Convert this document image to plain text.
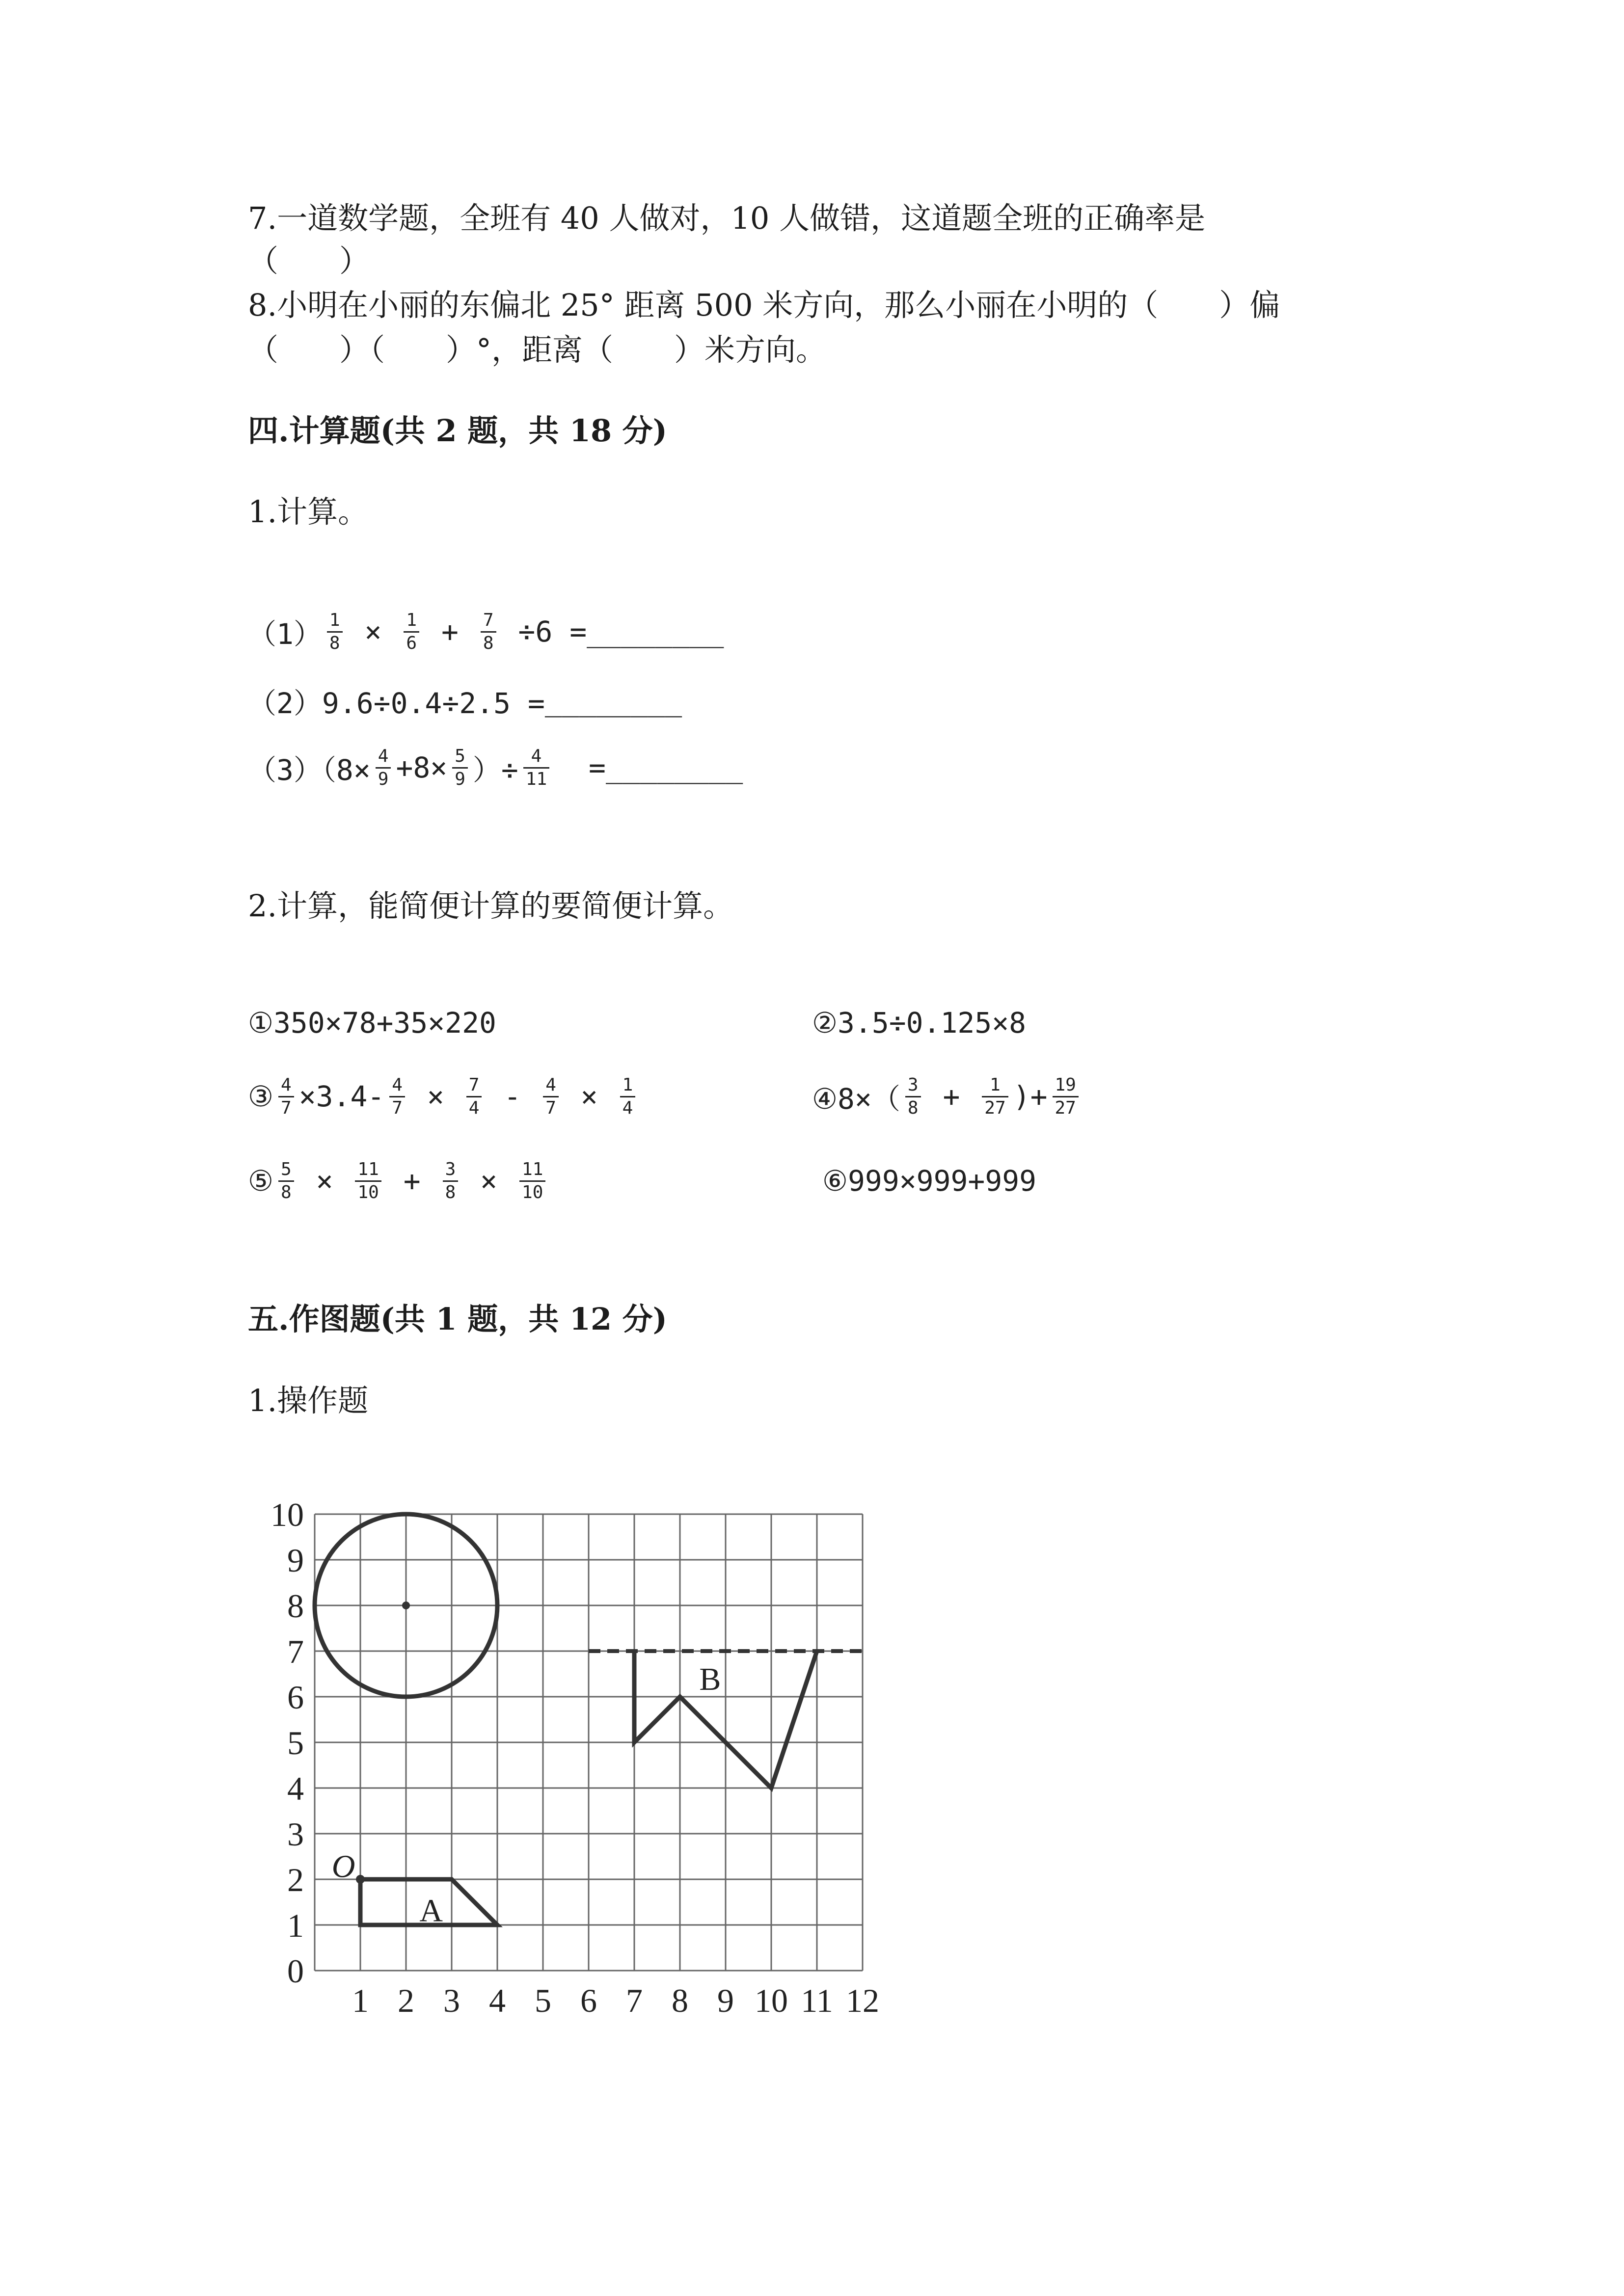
7.一道数学题，全班有 40 人做对，10 人做错，这道题全班的正确率是
（　　）
8.小明在小丽的东偏北 25° 距离 500 米方向，那么小丽在小明的（　　）偏
（　　）（　　）°，距离（　　）米方向。
四.计算题(共 2 题，共 18 分)
1.计算。
$(1) \frac{1}{8} \times \frac{1}{6} + \frac{7}{8} \div 6$ = ________
（2）9.6÷0.4÷2.5 = ________
$(3)(8\times \frac{4}{9} +8\times \frac{5}{9}$ ）÷ $\frac{4}{11}$ = ________
2.计算，能简便计算的要简便计算。
①350×78+35×220	②3.5÷0.125×8
③ $\frac{4}{7} \times 3.4- \frac{4}{7} \times \frac{7}{4} - \frac{4}{7} \times \frac{1}{4}$	④8×（ $\frac{3}{8} + \frac{1}{27}$ )+ $\frac{19}{27}$
⑤ $\frac{5}{8} \times \frac{11}{10} + \frac{3}{8} \times \frac{11}{10}$	⑥999×999+999
五.作图题(共 1 题，共 12 分)
1.操作题
1 2 3 4 5 6 7 8 9 10 11 12
0
1
2
3
4
5
6
7
8
9
10
B
A
O
